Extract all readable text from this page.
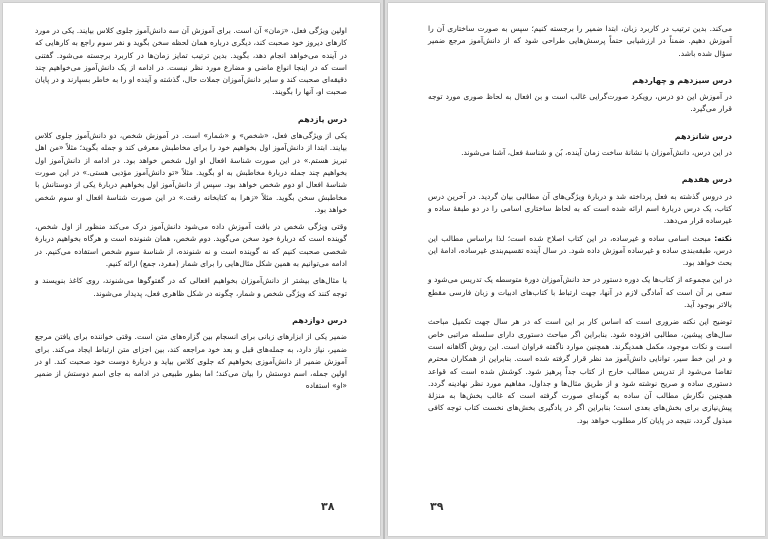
اولین ویژگی فعل، «زمان» آن است. برای آموزش آن سه دانش‌آموز جلوی کلاس بیایند. یکی در مورد کارهای دیروز خود صحبت کند، دیگری درباره همان لحظه سخن بگوید و نفر سوم راجع به کارهایی که در آینده می‌خواهد انجام دهد، بگوید. بدین ترتیب تمایز زمان‌ها در کاربرد برجسته می‌شود. گفتنی است که در اینجا انواع ماضی و مضارع مورد نظر نیست. در ادامه از یک دانش‌آموز می‌خواهیم چند دقیقه‌ای صحبت کند و سایر دانش‌آموزان جملات حال، گذشته و آینده او را به خاطر بسپارند و در پایان صحبت او، آنها را بگویند.

درس یازدهم

یکی از ویژگی‌های فعل، «شخص» و «شمار» است. در آموزش شخص، دو دانش‌آموز جلوی کلاس بیایند. ابتدا از دانش‌آموز اول بخواهیم خود را برای مخاطبش معرفی کند و جمله بگوید؛ مثلاً «من اهل تبریز هستم.» در این صورت شناسهٔ افعال او اول شخص خواهد بود. در ادامه از دانش‌آموز اول بخواهیم چند جمله دربارهٔ مخاطبش به او بگوید. مثلاً «تو دانش‌آموز مؤدبی هستی.» در این صورت شناسهٔ افعال او دوم شخص خواهد بود. سپس از دانش‌آموز اول بخواهیم دربارهٔ یکی از دوستانش با مخاطبش سخن بگوید. مثلاً «زهرا به کتابخانه رفت.» در این صورت شناسهٔ افعال او سوم شخص خواهد بود.

وقتی ویژگی شخص در بافت آموزش داده می‌شود دانش‌آموز درک می‌کند منظور از اول شخص، گوینده است که دربارهٔ خود سخن می‌گوید. دوم شخص، همان شنونده است و هرگاه بخواهیم دربارهٔ شخصی صحبت کنیم که نه گوینده است و نه شنونده، از شناسهٔ سوم شخص استفاده می‌کنیم. در ادامه می‌توانیم به همین شکل مثال‌هایی را برای شمار (مفرد، جمع) ارائه کنیم.

با مثال‌های بیشتر از دانش‌آموزان بخواهیم افعالی که در گفتوگوها می‌شنوند، روی کاغذ بنویسند و توجه کنند که ویژگی شخص و شمار، چگونه در شکل ظاهری فعل، پدیدار می‌شوند.

درس دوازدهم

ضمیر یکی از ابزارهای زبانی برای انسجام بین گزاره‌های متن است. وقتی خواننده برای یافتن مرجع ضمیر، نیاز دارد، به جمله‌های قبل و بعد خود مراجعه کند، بین اجزای متن ارتباط ایجاد می‌کند. برای آموزش ضمیر از دانش‌آموزی بخواهیم که جلوی کلاس بیاید و دربارهٔ دوست خود صحبت کند. او در اولین جمله، اسم دوستش را بیان می‌کند؛ اما بطور طبیعی در ادامه به جای اسم دوستش از ضمیر «او» استفاده

۳۸

می‌کند. بدین ترتیب در کاربرد زبان، ابتدا ضمیر را برجسته کنیم؛ سپس به صورت ساختاری آن را آموزش دهیم. ضمناً در ارزشیابی حتماً پرسش‌هایی طراحی شود که از دانش‌آموز مرجع ضمیر سؤال شده باشد.

درس سیزدهم و چهاردهم

در آموزش این دو درس، رویکرد صورت‌گرایی غالب است و بن افعال به لحاظ صوری مورد توجه قرار می‌گیرد.

درس شانزدهم

در این درس، دانش‌آموزان با نشانهٔ ساخت زمان آینده، بُن و شناسهٔ فعل، آشنا می‌شوند.

درس هفدهم

در دروس گذشته به فعل پرداخته شد و دربارهٔ ویژگی‌های آن مطالبی بیان گردید. در آخرین درس کتاب، یک درس دربارهٔ اسم ارائه شده است که به لحاظ ساختاری اسامی را در دو طبقهٔ ساده و غیرساده قرار می‌دهد.

نکته: مبحث اسامی ساده و غیرساده، در این کتاب اصلاح شده است؛ لذا براساس مطالب این درس، طبقه‌بندی ساده و غیرساده آموزش داده شود. در سال آینده تقسیم‌بندی غیرساده، ادامهٔ این بحث خواهد بود.

در این مجموعه از کتاب‌ها یک دوره دستور در حد دانش‌آموزان دورهٔ متوسطه یک تدریس می‌شود و سعی بر آن است که آمادگی لازم در آنها، جهت ارتباط با کتاب‌های ادبیات و زبان فارسی مقطع بالاتر بوجود آید.

توضیح این نکته ضروری است که اساس کار بر این است که در هر سال جهت تکمیل مباحث سال‌های پیشین، مطالبی افزوده شود. بنابراین اگر مباحث دستوری دارای سلسله مراتبی خاص است و نکات موجود، مکمل همدیگرند. همچنین موارد ناگفته فراوان است. این روش آگاهانه است و در این خط سیر، توانایی دانش‌آموز مد نظر قرار گرفته شده است. بنابراین از همکاران محترم تقاضا می‌شود از تدریس مطالب خارج از کتاب جداً پرهیز شود. کوشش شده است که قواعد دستوری ساده و صریح نوشته شود و از طریق مثال‌ها و جداول، مفاهیم مورد نظر نهادینه گردد. همچنین نگارش مطالب آن ساده به گونه‌ای صورت گرفته است که غالب بخش‌ها به منزلهٔ پیش‌نیازی برای بخش‌های بعدی است؛ بنابراین اگر در یادگیری بخش‌های نخست کتاب توجه کافی مبذول گردد، نتیجه در پایان کار مطلوب خواهد بود.

۳۹
